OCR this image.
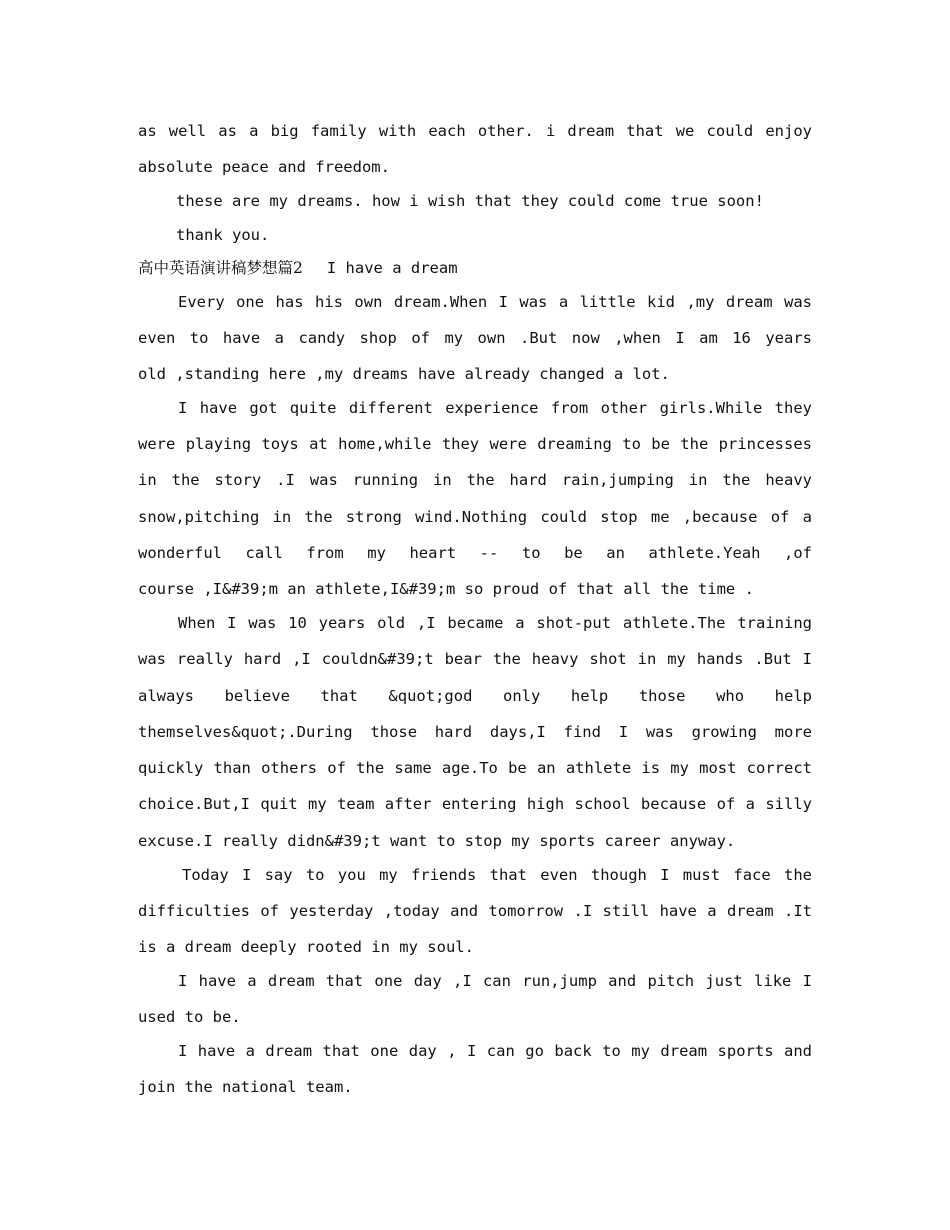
as well as a big family with each other. i dream that we could enjoy
absolute peace and freedom.
these are my dreams. how i wish that they could come true soon!
thank you.
高中英语演讲稿梦想篇2 I have a dream
Every one has his own dream.When I was a little kid ,my dream was
even to have a candy shop of my own .But now ,when I am 16 years
old ,standing here ,my dreams have already changed a lot.
I have got quite different experience from other girls.While they
were playing toys at home,while they were dreaming to be the princesses
in the story .I was running in the hard rain,jumping in the heavy
snow,pitching in the strong wind.Nothing could stop me ,because of a
wonderful call from my heart -- to be an athlete.Yeah ,of
course ,I&#39;m an athlete,I&#39;m so proud of that all the time .
When I was 10 years old ,I became a shot-put athlete.The training
was really hard ,I couldn&#39;t bear the heavy shot in my hands .But I
always believe that &quot;god only help those who help
themselves&quot;.During those hard days,I find I was growing more
quickly than others of the same age.To be an athlete is my most correct
choice.But,I quit my team after entering high school because of a silly
excuse.I really didn&#39;t want to stop my sports career anyway.
Today I say to you my friends that even though I must face the
difficulties of yesterday ,today and tomorrow .I still have a dream .It
is a dream deeply rooted in my soul.
I have a dream that one day ,I can run,jump and pitch just like I
used to be.
I have a dream that one day , I can go back to my dream sports and
join the national team.
